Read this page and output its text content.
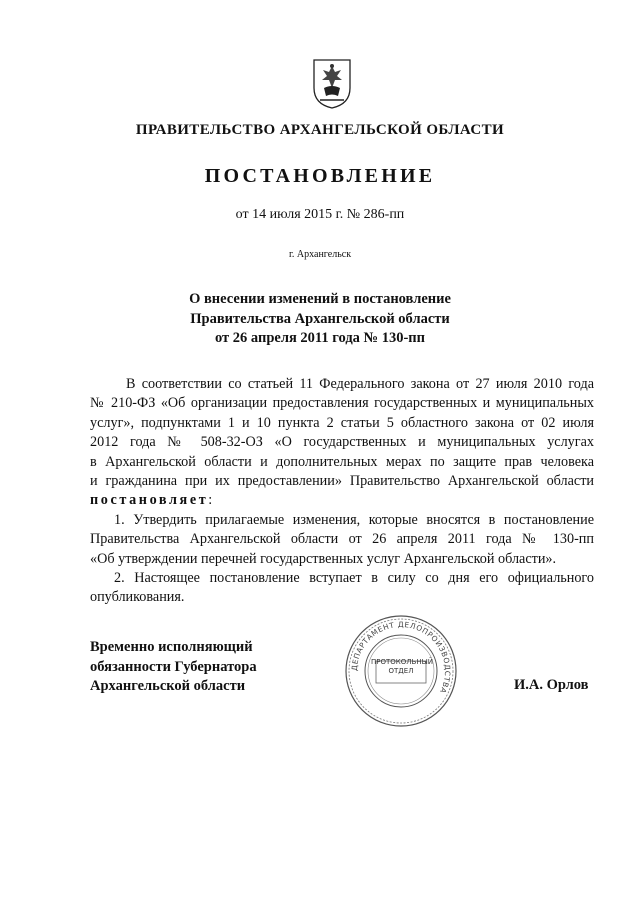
ПРАВИТЕЛЬСТВО АРХАНГЕЛЬСКОЙ ОБЛАСТИ
ПОСТАНОВЛЕНИЕ
от 14 июля 2015 г. № 286-пп
г. Архангельск
О внесении изменений в постановление
Правительства Архангельской области
от 26 апреля 2011 года № 130-пп
В соответствии со статьей 11 Федерального закона от 27 июля 2010 года
№ 210-ФЗ «Об организации предоставления государственных и муниципальных
услуг», подпунктами 1 и 10 пункта 2 статьи 5 областного закона от 02 июля
2012 года № 508-32-ОЗ «О государственных и муниципальных услугах
в Архангельской области и дополнительных мерах по защите прав человека
и гражданина при их предоставлении» Правительство Архангельской области
постановляет:
1. Утвердить прилагаемые изменения, которые вносятся в постановление
Правительства Архангельской области от 26 апреля 2011 года № 130-пп
«Об утверждении перечней государственных услуг Архангельской области».
2. Настоящее постановление вступает в силу со дня его официального
опубликования.
Временно исполняющий
обязанности Губернатора
Архангельской области
ДЕПАРТАМЕНТ ДЕЛОПРОИЗВОДСТВА
ПРОТОКОЛЬНЫЙ
ОТДЕЛ
И.А. Орлов
